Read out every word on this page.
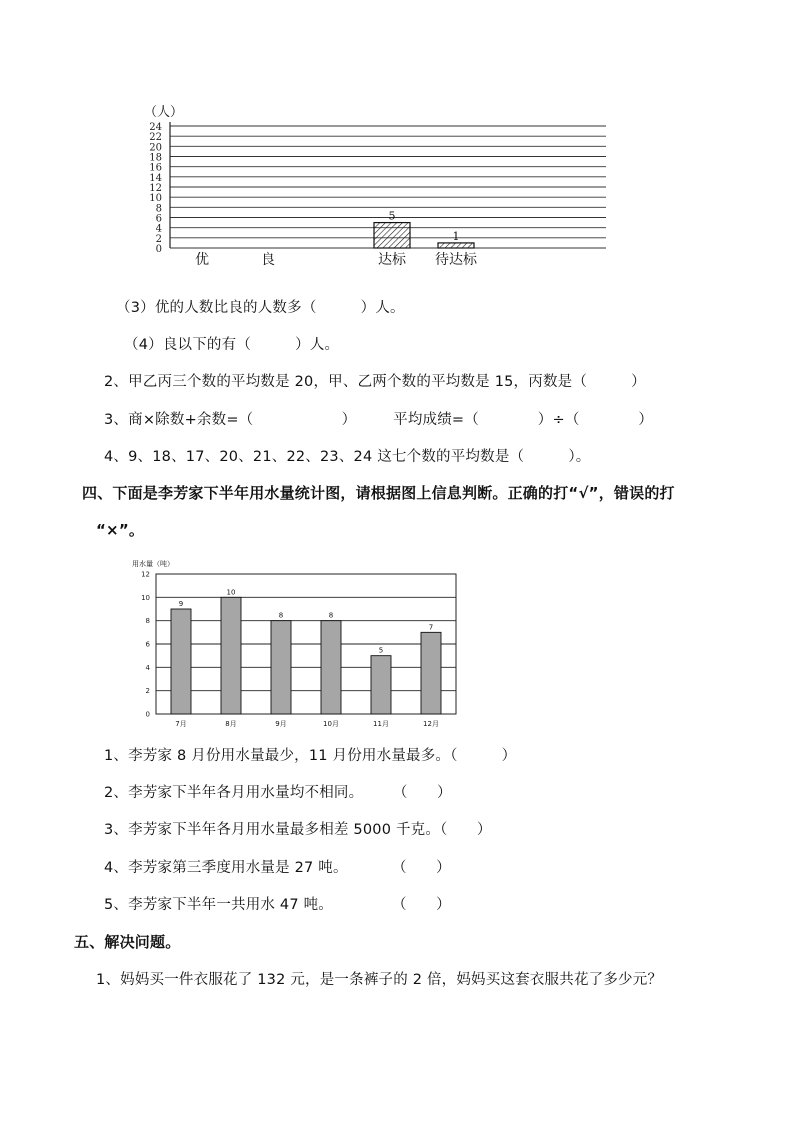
（人）
0
2
4
6
8
10
12
14
16
18
20
22
24
5
1
优	良	达标 待达标
（3）优的人数比良的人数多（　　　）人。
（4）良以下的有（　　　）人。
2、甲乙丙三个数的平均数是 20，甲、乙两个数的平均数是 15，丙数是（　　　）
3、商×除数+余数=（　　　　　　）　　　平均成绩=（　　　　）÷（　　　　）
4、9、18、17、20、21、22、23、24 这七个数的平均数是（　　　）。
四、下面是李芳家下半年用水量统计图，请根据图上信息判断。正确的打“√”，错误的打
“×”。
用水量（吨）
0
2
4
6
8
10
12
9
10
8	8
5
7
7月	8月	9月	10月	11月	12月
1、李芳家 8 月份用水量最少，11 月份用水量最多。（　　　）
2、李芳家下半年各月用水量均不相同。　　　（　　）
3、李芳家下半年各月用水量最多相差 5000 千克。（　　）
4、李芳家第三季度用水量是 27 吨。　　　　（　　）
5、李芳家下半年一共用水 47 吨。　　　　　（　　）
五、解决问题。
1、妈妈买一件衣服花了 132 元，是一条裤子的 2 倍，妈妈买这套衣服共花了多少元？
